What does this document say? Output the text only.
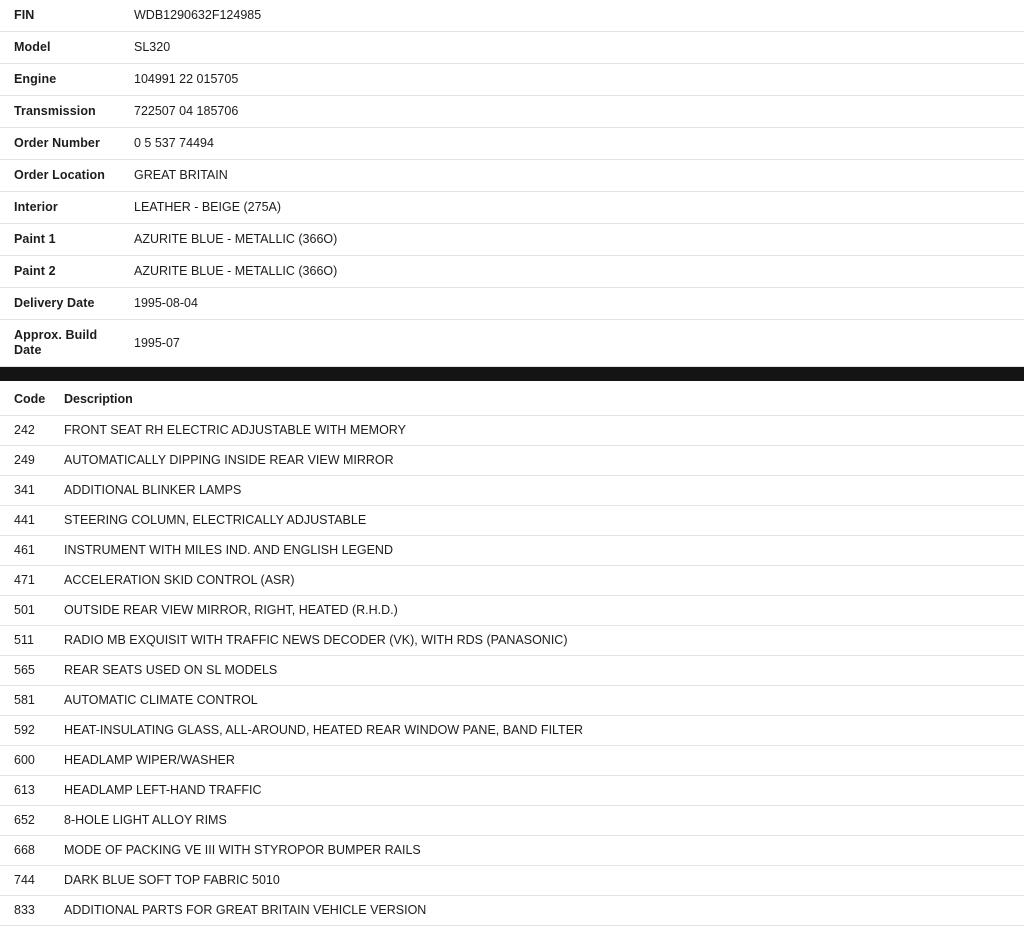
FIN	WDB1290632F124985
Model	SL320
Engine	104991 22 015705
Transmission	722507 04 185706
Order Number	0 5 537 74494
Order Location	GREAT BRITAIN
Interior	LEATHER - BEIGE (275A)
Paint 1	AZURITE BLUE - METALLIC (366O)
Paint 2	AZURITE BLUE - METALLIC (366O)
Delivery Date	1995-08-04
Approx. Build Date	1995-07
Code	Description
242	FRONT SEAT RH ELECTRIC ADJUSTABLE WITH MEMORY
249	AUTOMATICALLY DIPPING INSIDE REAR VIEW MIRROR
341	ADDITIONAL BLINKER LAMPS
441	STEERING COLUMN, ELECTRICALLY ADJUSTABLE
461	INSTRUMENT WITH MILES IND. AND ENGLISH LEGEND
471	ACCELERATION SKID CONTROL (ASR)
501	OUTSIDE REAR VIEW MIRROR, RIGHT, HEATED (R.H.D.)
511	RADIO MB EXQUISIT WITH TRAFFIC NEWS DECODER (VK), WITH RDS (PANASONIC)
565	REAR SEATS USED ON SL MODELS
581	AUTOMATIC CLIMATE CONTROL
592	HEAT-INSULATING GLASS, ALL-AROUND, HEATED REAR WINDOW PANE, BAND FILTER
600	HEADLAMP WIPER/WASHER
613	HEADLAMP LEFT-HAND TRAFFIC
652	8-HOLE LIGHT ALLOY RIMS
668	MODE OF PACKING VE III WITH STYROPOR BUMPER RAILS
744	DARK BLUE SOFT TOP FABRIC 5010
833	ADDITIONAL PARTS FOR GREAT BRITAIN VEHICLE VERSION
